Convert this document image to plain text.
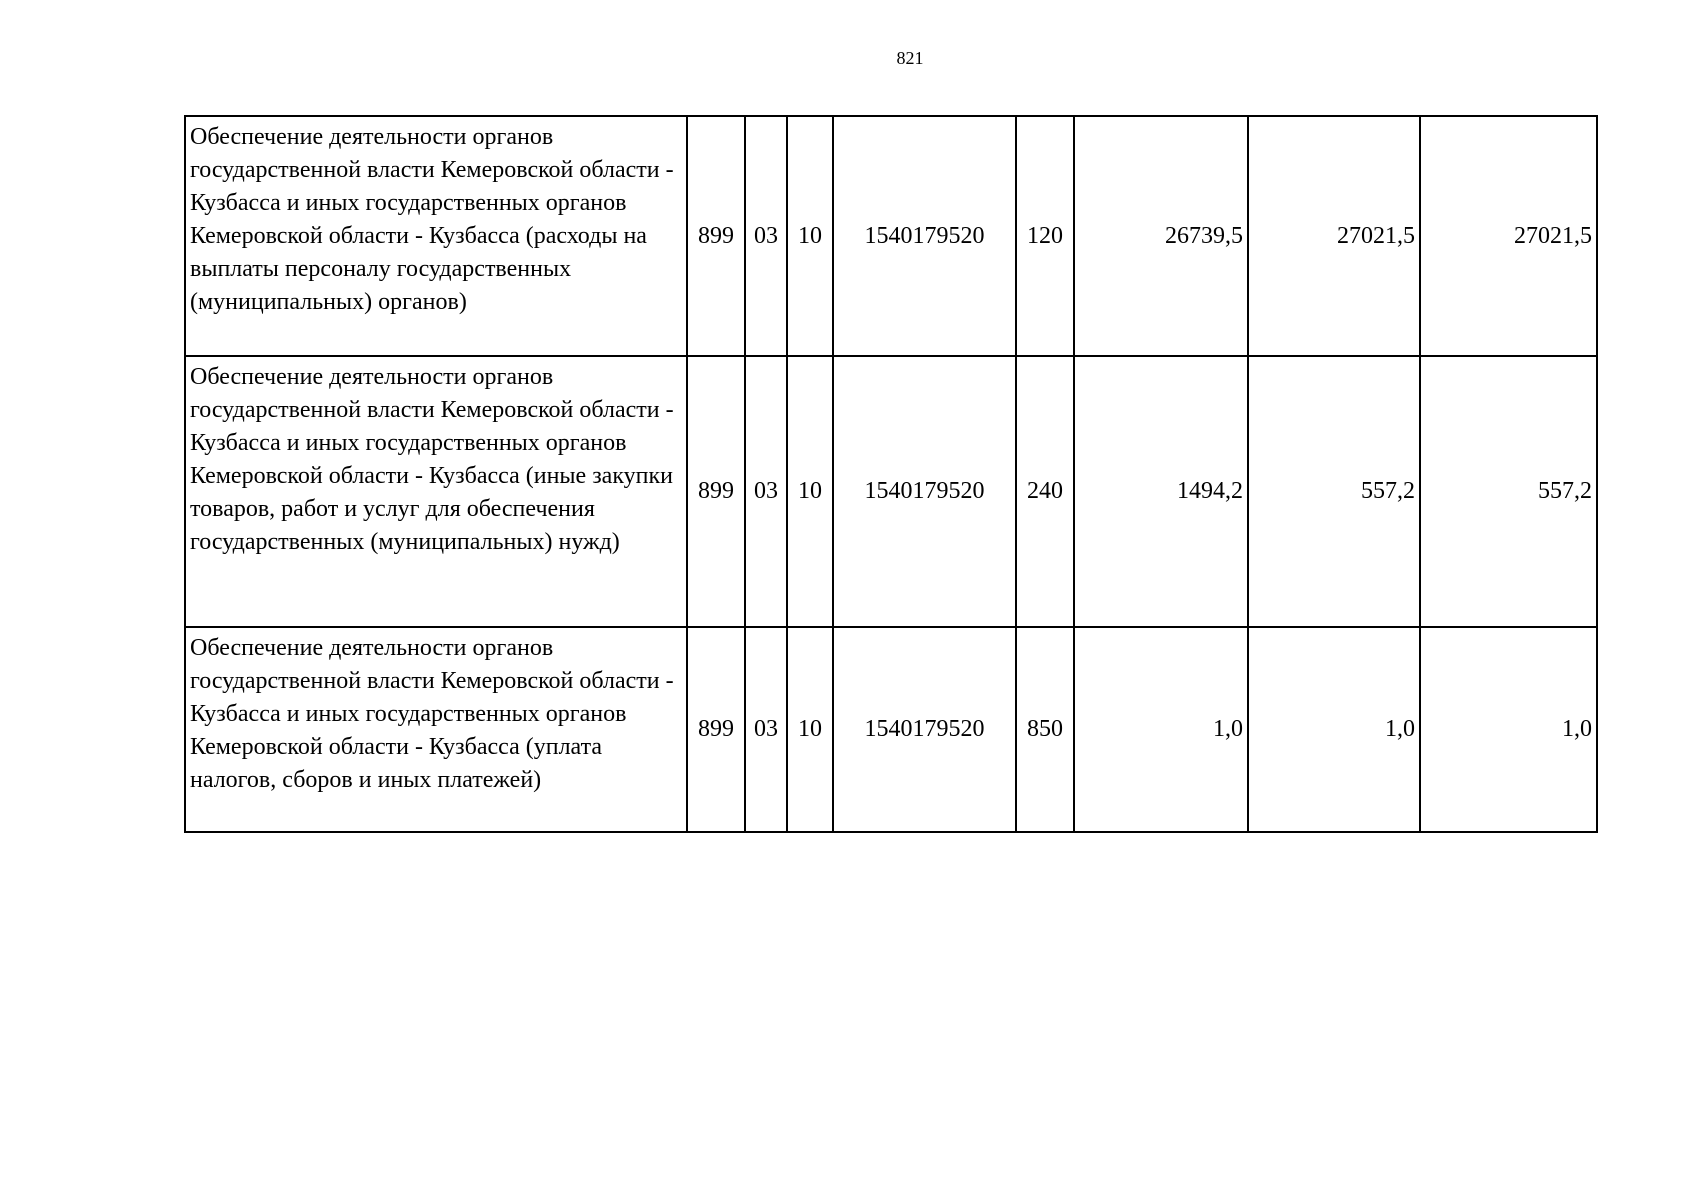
821
Обеспечение деятельности органов государственной власти Кемеровской области - Кузбасса и иных государственных органов Кемеровской области - Кузбасса (расходы на выплаты персоналу государственных (муниципальных) органов)	899	03	10	1540179520	120	26739,5	27021,5	27021,5
Обеспечение деятельности органов государственной власти Кемеровской области - Кузбасса и иных государственных органов Кемеровской области - Кузбасса (иные закупки товаров, работ и услуг для обеспечения государственных (муниципальных) нужд)	899	03	10	1540179520	240	1494,2	557,2	557,2
Обеспечение деятельности органов государственной власти Кемеровской области - Кузбасса и иных государственных органов Кемеровской области - Кузбасса (уплата налогов, сборов и иных платежей)	899	03	10	1540179520	850	1,0	1,0	1,0
